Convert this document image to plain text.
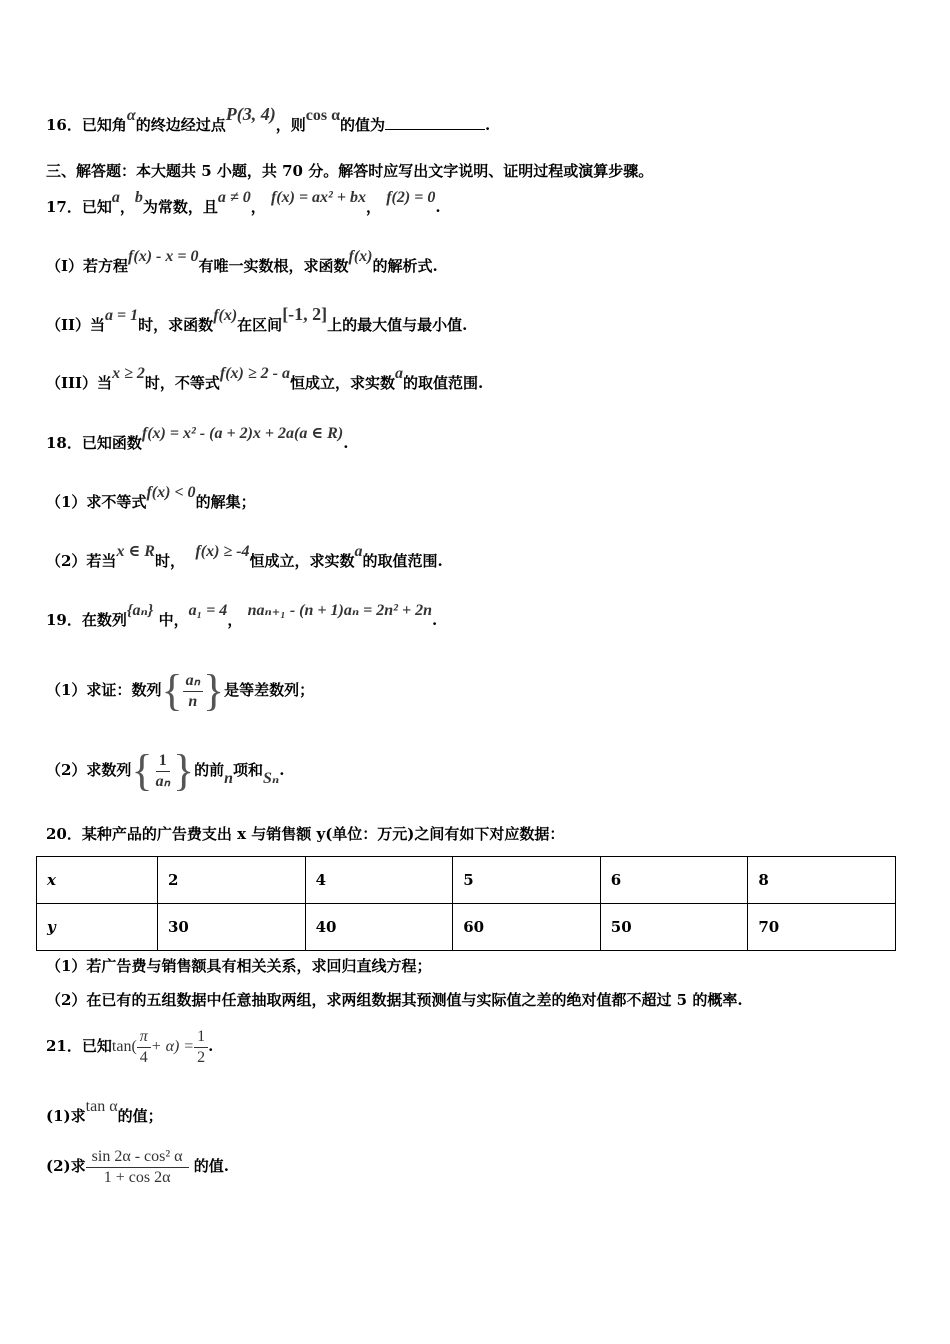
16．已知角α的终边经过点P(3, 4)，则cos α的值为	.
三、解答题：本大题共 5 小题，共 70 分。解答时应写出文字说明、证明过程或演算步骤。
17．已知a，b为常数，且a ≠ 0， f(x) = ax² + bx， f(2) = 0.
（I）若方程f(x) - x = 0有唯一实数根，求函数f(x)的解析式.
（II）当a = 1时，求函数f(x)在区间[-1, 2]上的最大值与最小值.
（III）当x ≥ 2时，不等式f(x) ≥ 2 - a恒成立，求实数a的取值范围.
18．已知函数f(x) = x² - (a + 2)x + 2a(a ∈ R).
（1）求不等式f(x) < 0的解集；
（2）若当x ∈ R时，  f(x) ≥ -4恒成立，求实数a的取值范围.
19．在数列{aₙ} 中，a₁ = 4， naₙ₊₁ - (n + 1)aₙ = 2n² + 2n.
（1）求证：数列{ $\frac{\text{aₙ}}{n}$ }是等差数列；
（2）求数列{ $\frac{1}{\text{aₙ}}$ }的前n项和Sₙ.
20．某种产品的广告费支出 x 与销售额 y(单位：万元)之间有如下对应数据：
x	2	4	5	6	8
y	30	40	60	50	70
（1）若广告费与销售额具有相关关系，求回归直线方程；
（2）在已有的五组数据中任意抽取两组，求两组数据其预测值与实际值之差的绝对值都不超过 5 的概率.
21．已知$\tan( \frac{\pi}{4} + \alpha) = \frac{1}{2}$ .
(1)求tan α的值；
(2)求 $\frac{\text{sin 2α - cos² α}}{1 + \cos 2\alpha}$ 的值.
